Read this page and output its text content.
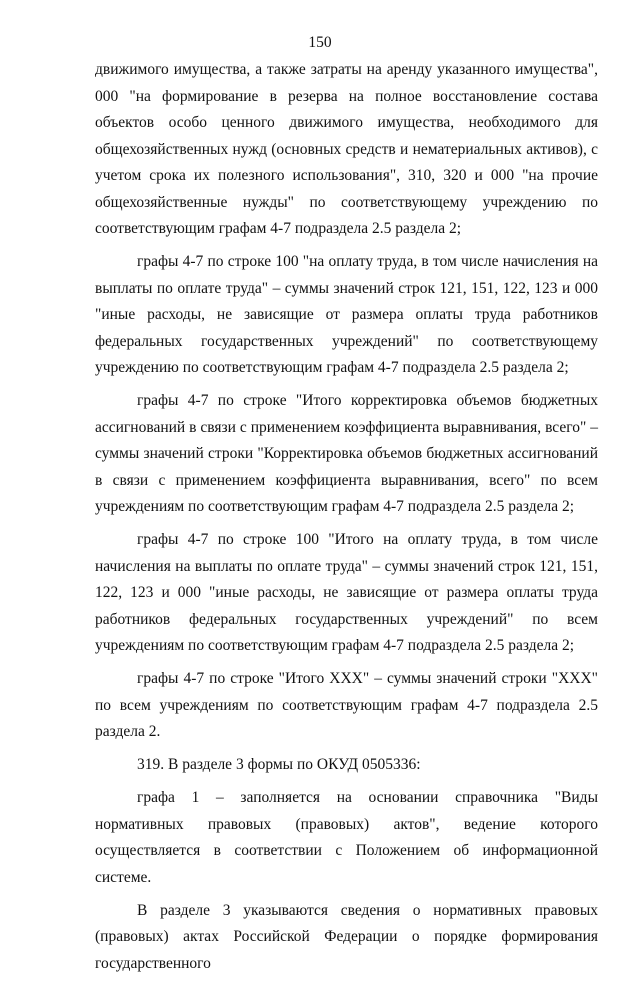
150

движимого имущества, а также затраты на аренду указанного имущества", 000 "на формирование в резерва на полное восстановление состава объектов особо ценного движимого имущества, необходимого для общехозяйственных нужд (основных средств и нематериальных активов), с учетом срока их полезного использования", 310, 320 и 000 "на прочие общехозяйственные нужды" по соответствующему учреждению по соответствующим графам 4-7 подраздела 2.5 раздела 2;

графы 4-7 по строке 100 "на оплату труда, в том числе начисления на выплаты по оплате труда" – суммы значений строк 121, 151, 122, 123 и 000 "иные расходы, не зависящие от размера оплаты труда работников федеральных государственных учреждений" по соответствующему учреждению по соответствующим графам 4-7 подраздела 2.5 раздела 2;

графы 4-7 по строке "Итого корректировка объемов бюджетных ассигнований в связи с применением коэффициента выравнивания, всего" – суммы значений строки "Корректировка объемов бюджетных ассигнований в связи с применением коэффициента выравнивания, всего" по всем учреждениям по соответствующим графам 4-7 подраздела 2.5 раздела 2;

графы 4-7 по строке 100 "Итого на оплату труда, в том числе начисления на выплаты по оплате труда" – суммы значений строк 121, 151, 122, 123 и 000 "иные расходы, не зависящие от размера оплаты труда работников федеральных государственных учреждений" по всем учреждениям по соответствующим графам 4-7 подраздела 2.5 раздела 2;

графы 4-7 по строке "Итого XXX" – суммы значений строки "XXX" по всем учреждениям по соответствующим графам 4-7 подраздела 2.5 раздела 2.

319. В разделе 3 формы по ОКУД 0505336:

графа 1 – заполняется на основании справочника "Виды нормативных правовых (правовых) актов", ведение которого осуществляется в соответствии с Положением об информационной системе.

В разделе 3 указываются сведения о нормативных правовых (правовых) актах Российской Федерации о порядке формирования государственного
